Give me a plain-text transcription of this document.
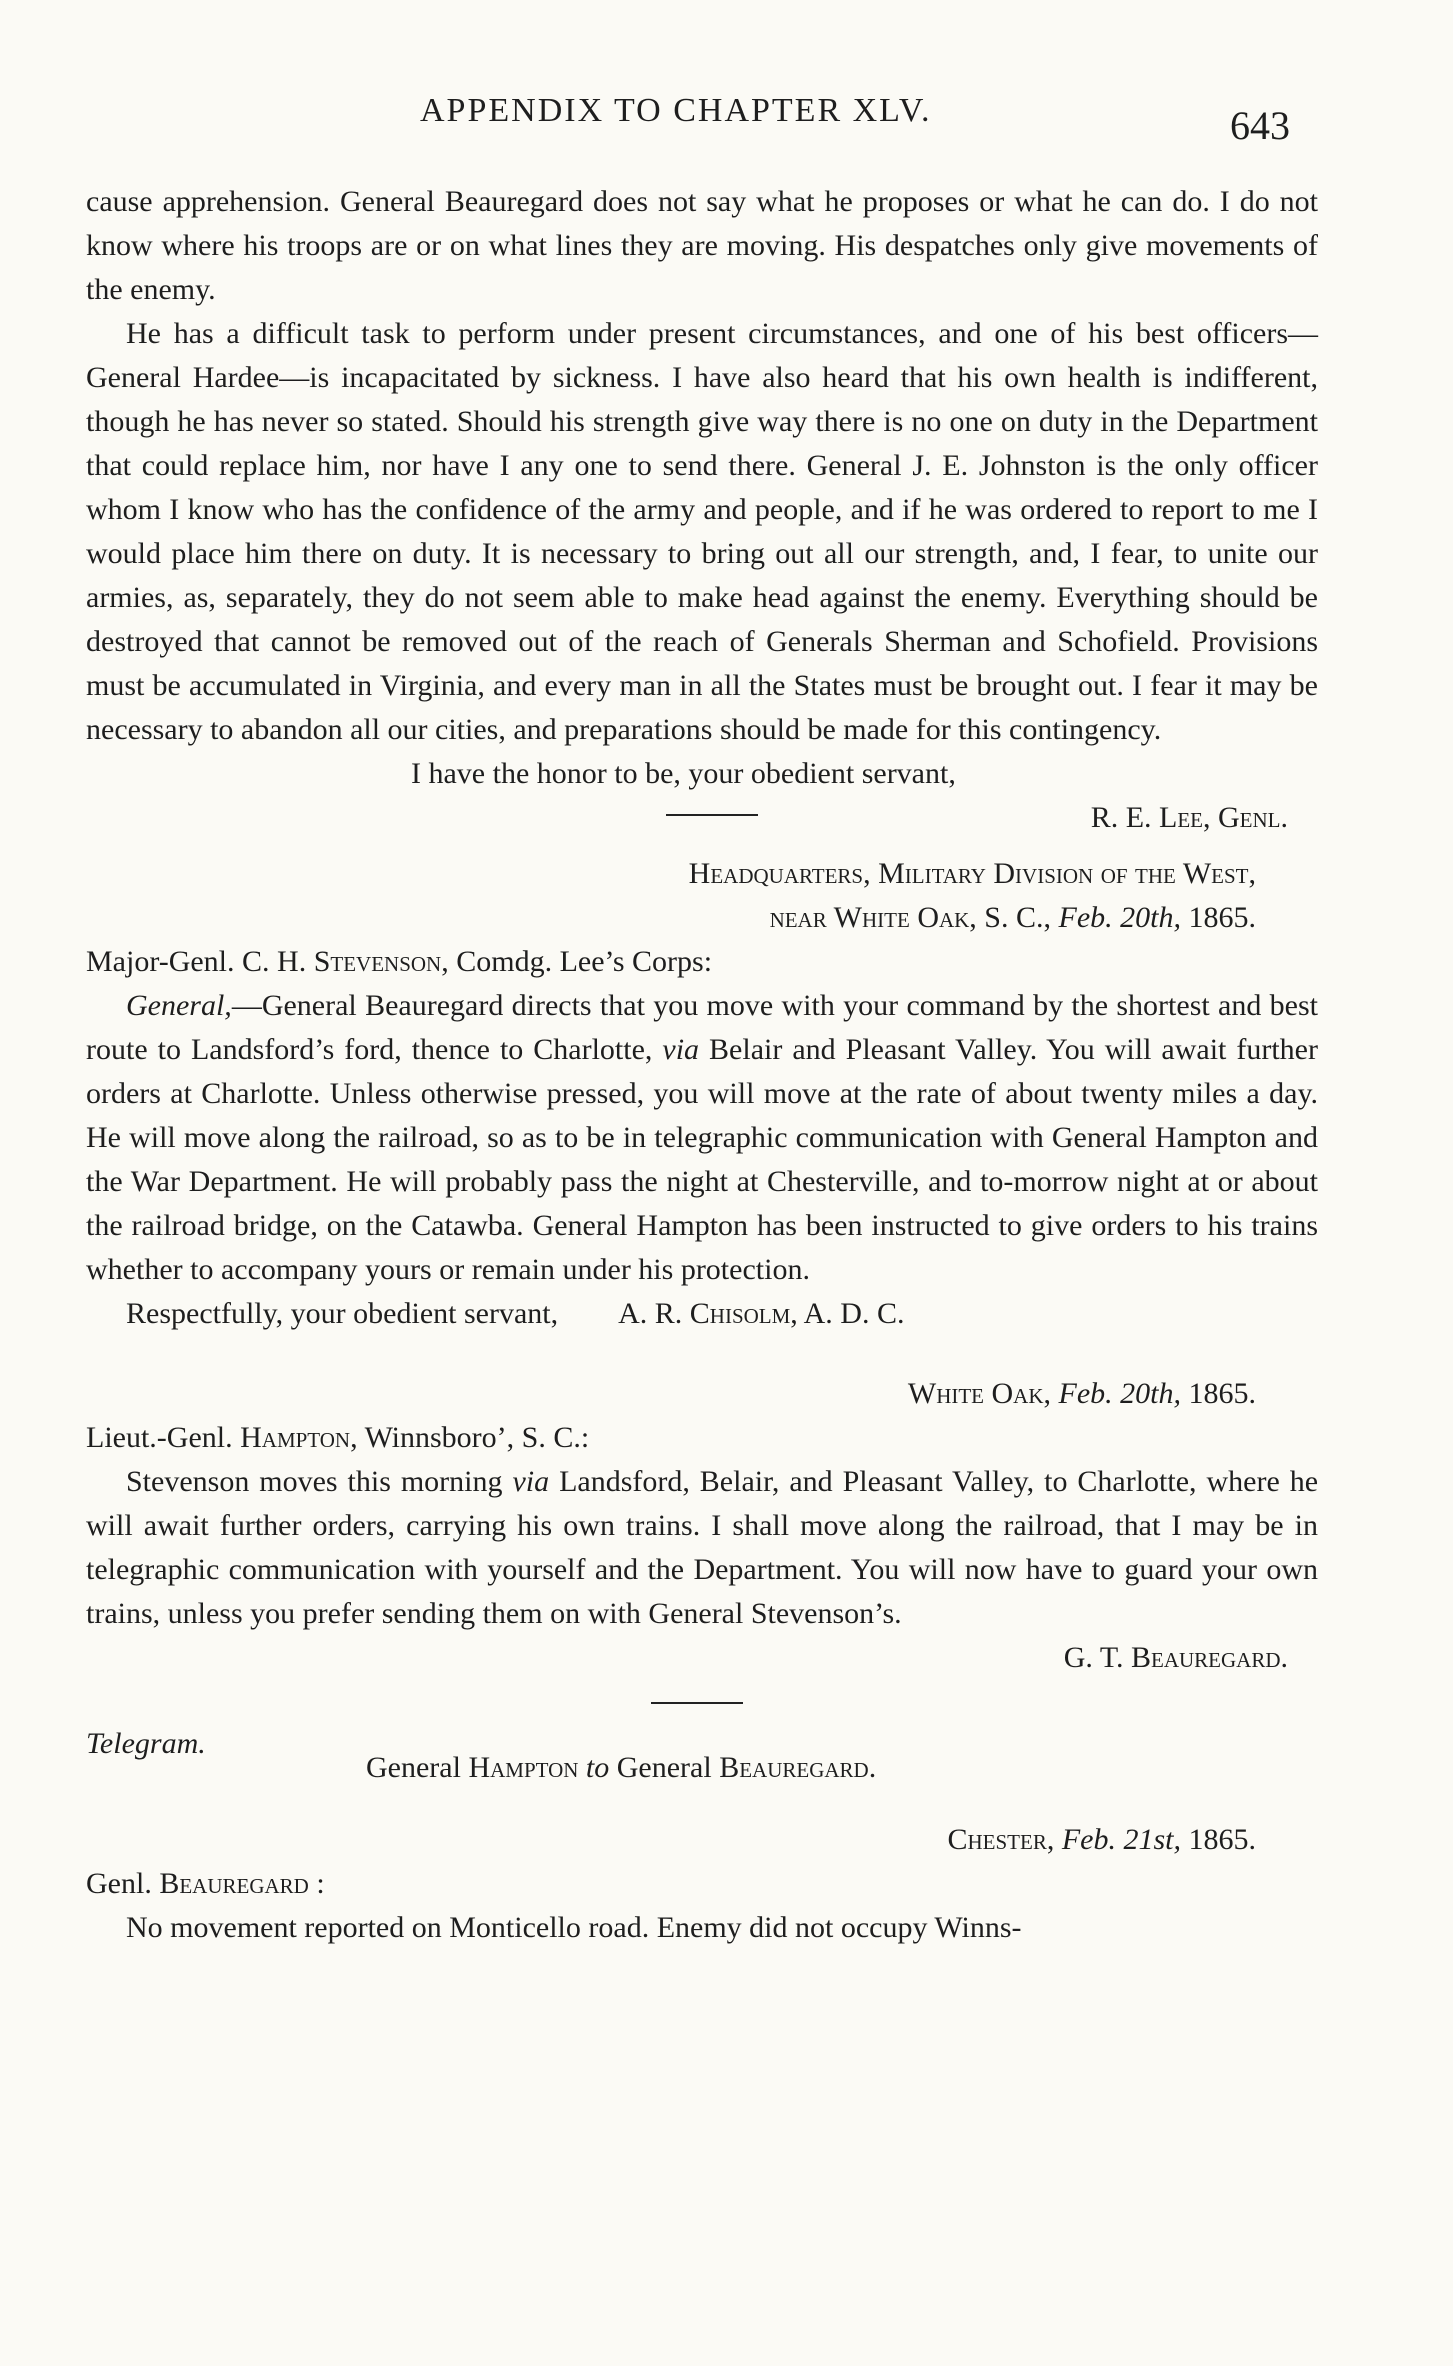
APPENDIX TO CHAPTER XLV.	643

cause apprehension. General Beauregard does not say what he proposes or what he can do. I do not know where his troops are or on what lines they are moving. His despatches only give movements of the enemy.

He has a difficult task to perform under present circumstances, and one of his best officers—General Hardee—is incapacitated by sickness. I have also heard that his own health is indifferent, though he has never so stated. Should his strength give way there is no one on duty in the Department that could replace him, nor have I any one to send there. General J. E. Johnston is the only officer whom I know who has the confidence of the army and people, and if he was ordered to report to me I would place him there on duty. It is necessary to bring out all our strength, and, I fear, to unite our armies, as, separately, they do not seem able to make head against the enemy. Everything should be destroyed that cannot be removed out of the reach of Generals Sherman and Schofield. Provisions must be accumulated in Virginia, and every man in all the States must be brought out. I fear it may be necessary to abandon all our cities, and preparations should be made for this contingency.

I have the honor to be, your obedient servant,

R. E. Lee, Genl.

Headquarters, Military Division of the West,

near White Oak, S. C., Feb. 20th, 1865.

Major-Genl. C. H. Stevenson, Comdg. Lee’s Corps:

General,—General Beauregard directs that you move with your command by the shortest and best route to Landsford’s ford, thence to Charlotte, via Belair and Pleasant Valley. You will await further orders at Charlotte. Unless otherwise pressed, you will move at the rate of about twenty miles a day. He will move along the railroad, so as to be in telegraphic communication with General Hampton and the War Department. He will probably pass the night at Chesterville, and to-morrow night at or about the railroad bridge, on the Catawba. General Hampton has been instructed to give orders to his trains whether to accompany yours or remain under his protection.

Respectfully, your obedient servant, A. R. Chisolm, A. D. C.

White Oak, Feb. 20th, 1865.

Lieut.-Genl. Hampton, Winnsboro’, S. C.:

Stevenson moves this morning via Landsford, Belair, and Pleasant Valley, to Charlotte, where he will await further orders, carrying his own trains. I shall move along the railroad, that I may be in telegraphic communication with yourself and the Department. You will now have to guard your own trains, unless you prefer sending them on with General Stevenson’s.

G. T. Beauregard.

Telegram.
General Hampton to General Beauregard.

Chester, Feb. 21st, 1865.

Genl. Beauregard :

No movement reported on Monticello road. Enemy did not occupy Winns-
